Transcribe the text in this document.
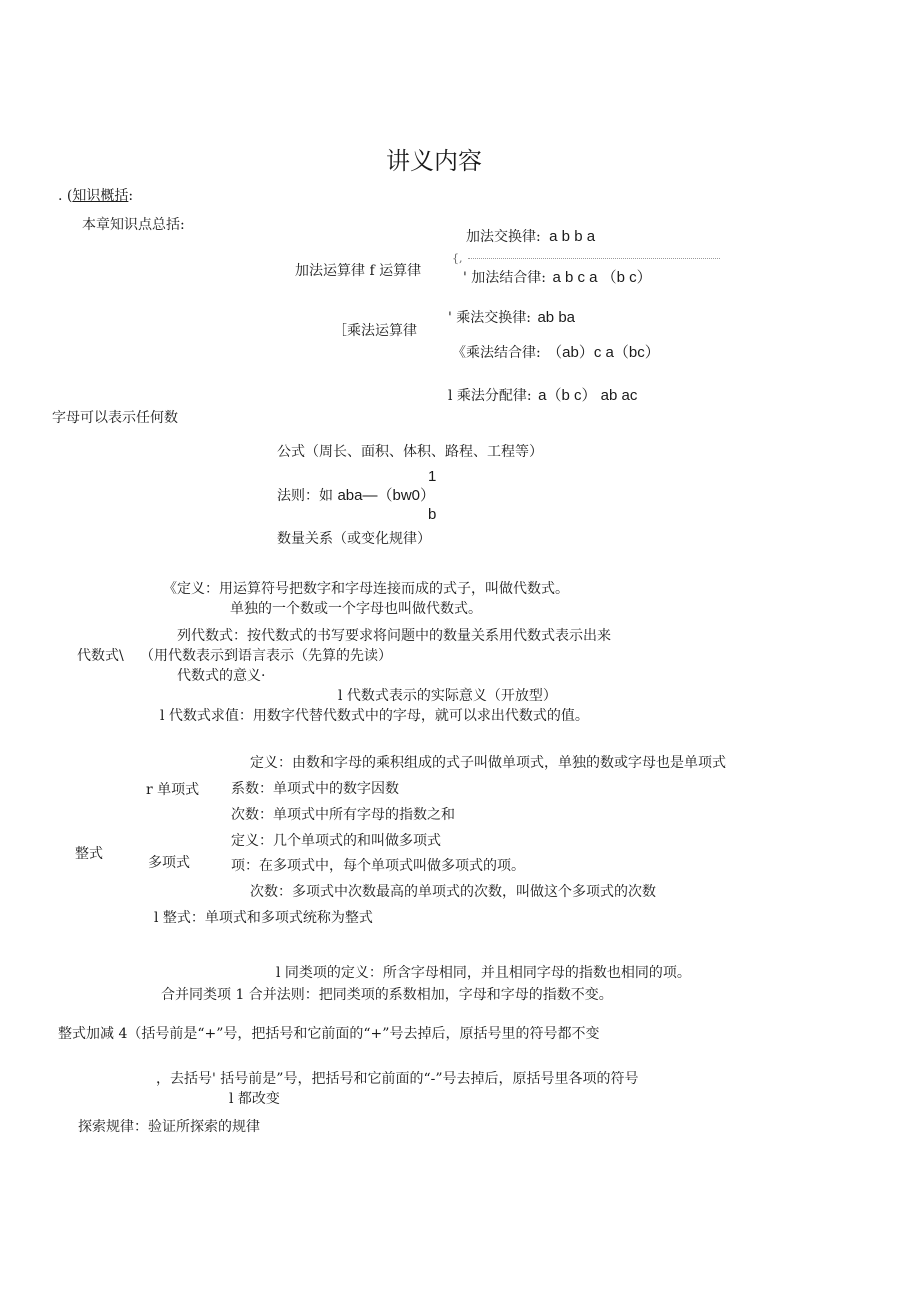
讲义内容
. (知识概括:
本章知识点总括:
加法交换律: a b b a
{,
加法运算律 f 运算律	' 加法结合律: a b c a （b c）
' 乘法交换律: ab ba
［乘法运算律
《乘法结合律: （ab）c a（bc）
l 乘法分配律: a（b c） ab ac
字母可以表示任何数
公式（周长、面积、体积、路程、工程等）
1
法则：如 aba—（bw0）
b
数量关系（或变化规律）
《定义：用运算符号把数字和字母连接而成的式子，叫做代数式。
单独的一个数或一个字母也叫做代数式。
列代数式：按代数式的书写要求将问题中的数量关系用代数式表示出来
代数式\ （用代数表示到语言表示（先算的先读）
代数式的意义·
l 代数式表示的实际意义（开放型）
l 代数式求值：用数字代替代数式中的字母，就可以求出代数式的值。
定义：由数和字母的乘积组成的式子叫做单项式，单独的数或字母也是单项式
r 单项式 系数：单项式中的数字因数
次数：单项式中所有字母的指数之和
定义：几个单项式的和叫做多项式
整式
多项式	项：在多项式中，每个单项式叫做多项式的项。
次数：多项式中次数最高的单项式的次数，叫做这个多项式的次数
l 整式：单项式和多项式统称为整式
l 同类项的定义：所含字母相同，并且相同字母的指数也相同的项。
合并同类项 1 合并法则：把同类项的系数相加，字母和字母的指数不变。
整式加减 4（括号前是“+”号，把括号和它前面的“+”号去掉后，原括号里的符号都不变
，去括号' 括号前是”号，把括号和它前面的“-”号去掉后，原括号里各项的符号
l 都改变
探索规律：验证所探索的规律
